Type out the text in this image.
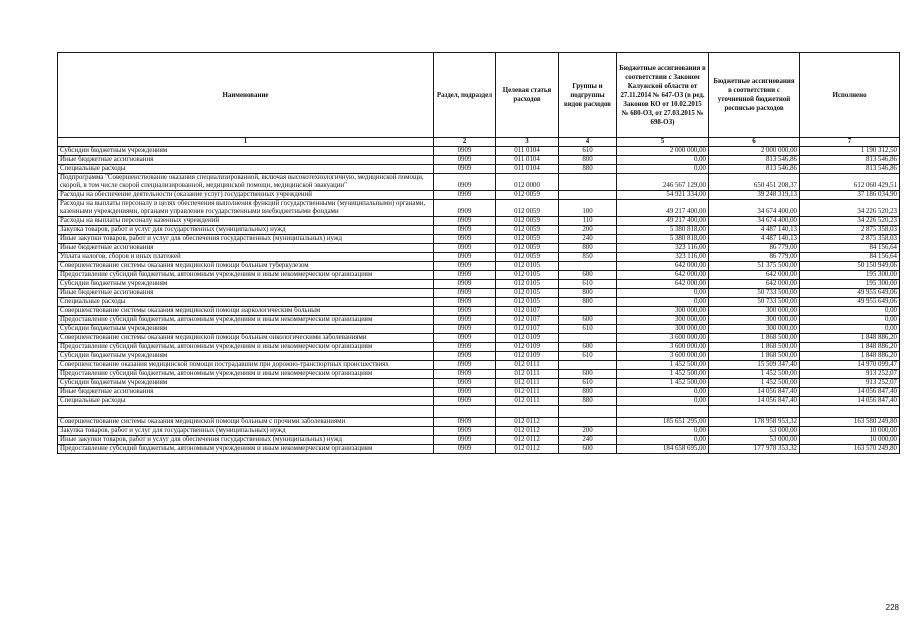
Наименование	Раздел, подраздел	Целевая статья расходов	Группы и подгруппы видов расходов	Бюджетные ассигнования в соответствии с Законом Калужской области от 27.11.2014 № 647-ОЗ (в ред. Законов КО от 10.02.2015 № 680-ОЗ, от 27.03.2015 № 698-ОЗ)	Бюджетные ассигнования в соответствии с уточненной бюджетной росписью расходов	Исполнено
1	2	3	4	5	6	7
Субсидии бюджетным учреждениям	0909	011 0104	610	2 000 000,00	2 000 000,00	1 190 312,50
Иные бюджетные ассигнования	0909	011 0104	800	0,00	813 546,86	813 546,86
Специальные расходы	0909	011 0104	880	0,00	813 546,86	813 546,86
Подпрограмма "Совершенствование оказания специализированной, включая высокотехнологичную, медицинской помощи, скорой, в том числе скорой специализированной, медицинской помощи, медицинской эвакуации"	0909	012 0000		246 567 129,00	650 451 208,37	612 060 429,51
Расходы на обеспечение деятельности (оказание услуг) государственных учреждений	0909	012 0059		54 921 334,00	39 248 319,13	37 186 034,90
Расходы на выплаты персоналу в целях обеспечения выполнения функций государственными (муниципальными) органами, казенными учреждениями, органами управления государственными внебюджетными фондами	0909	012 0059	100	49 217 400,00	34 674 400,00	34 226 520,23
Расходы на выплаты персоналу казенных учреждений	0909	012 0059	110	49 217 400,00	34 674 400,00	34 226 520,23
Закупка товаров, работ и услуг для государственных (муниципальных) нужд	0909	012 0059	200	5 380 818,00	4 487 140,13	2 875 358,03
Иные закупки товаров, работ и услуг для обеспечения государственных (муниципальных) нужд	0909	012 0059	240	5 380 818,00	4 487 140,13	2 875 358,03
Иные бюджетные ассигнования	0909	012 0059	800	323 116,00	86 779,00	84 156,64
Уплата налогов, сборов и иных платежей	0909	012 0059	850	323 116,00	86 779,00	84 156,64
Совершенствование системы оказания медицинской помощи больным туберкулезом	0909	012 0105		642 000,00	51 375 500,00	50 150 949,06
Предоставление субсидий бюджетным, автономным учреждениям и иным некоммерческим организациям	0909	012 0105	600	642 000,00	642 000,00	195 300,00
Субсидии бюджетным учреждениям	0909	012 0105	610	642 000,00	642 000,00	195 300,00
Иные бюджетные ассигнования	0909	012 0105	800	0,00	50 733 500,00	49 955 649,06
Специальные расходы	0909	012 0105	880	0,00	50 733 500,00	49 955 649,06
Совершенствование системы оказания медицинской помощи наркологическим больным	0909	012 0107		300 000,00	300 000,00	0,00
Предоставление субсидий бюджетным, автономным учреждениям и иным некоммерческим организациям	0909	012 0107	600	300 000,00	300 000,00	0,00
Субсидии бюджетным учреждениям	0909	012 0107	610	300 000,00	300 000,00	0,00
Совершенствование системы оказания медицинской помощи больным онкологическими заболеваниями	0909	012 0109		3 600 000,00	1 868 500,00	1 848 886,20
Предоставление субсидий бюджетным, автономным учреждениям и иным некоммерческим организациям	0909	012 0109	600	3 600 000,00	1 868 500,00	1 848 886,20
Субсидии бюджетным учреждениям	0909	012 0109	610	3 600 000,00	1 868 500,00	1 848 886,20
Совершенствование оказания медицинской помощи пострадавшим при дорожно-транспортных происшествиях	0909	012 0111		1 452 500,00	15 509 347,40	14 970 099,47
Предоставление субсидий бюджетным, автономным учреждениям и иным некоммерческим организациям	0909	012 0111	600	1 452 500,00	1 452 500,00	913 252,07
Субсидии бюджетным учреждениям	0909	012 0111	610	1 452 500,00	1 452 500,00	913 252,07
Иные бюджетные ассигнования	0909	012 0111	800	0,00	14 056 847,40	14 056 847,40
Специальные расходы	0909	012 0111	880	0,00	14 056 847,40	14 056 847,40

Совершенствование системы оказания медицинской помощи больным с прочими заболеваниями	0909	012 0112		185 651 295,00	178 958 953,32	163 580 249,80
Закупка товаров, работ и услуг для государственных (муниципальных) нужд	0909	012 0112	200	0,00	53 000,00	10 000,00
Иные закупки товаров, работ и услуг для обеспечения государственных (муниципальных) нужд	0909	012 0112	240	0,00	53 000,00	10 000,00
Предоставление субсидий бюджетным, автономным учреждениям и иным некоммерческим организациям	0909	012 0112	600	184 658 695,00	177 978 353,32	163 570 249,80
228
